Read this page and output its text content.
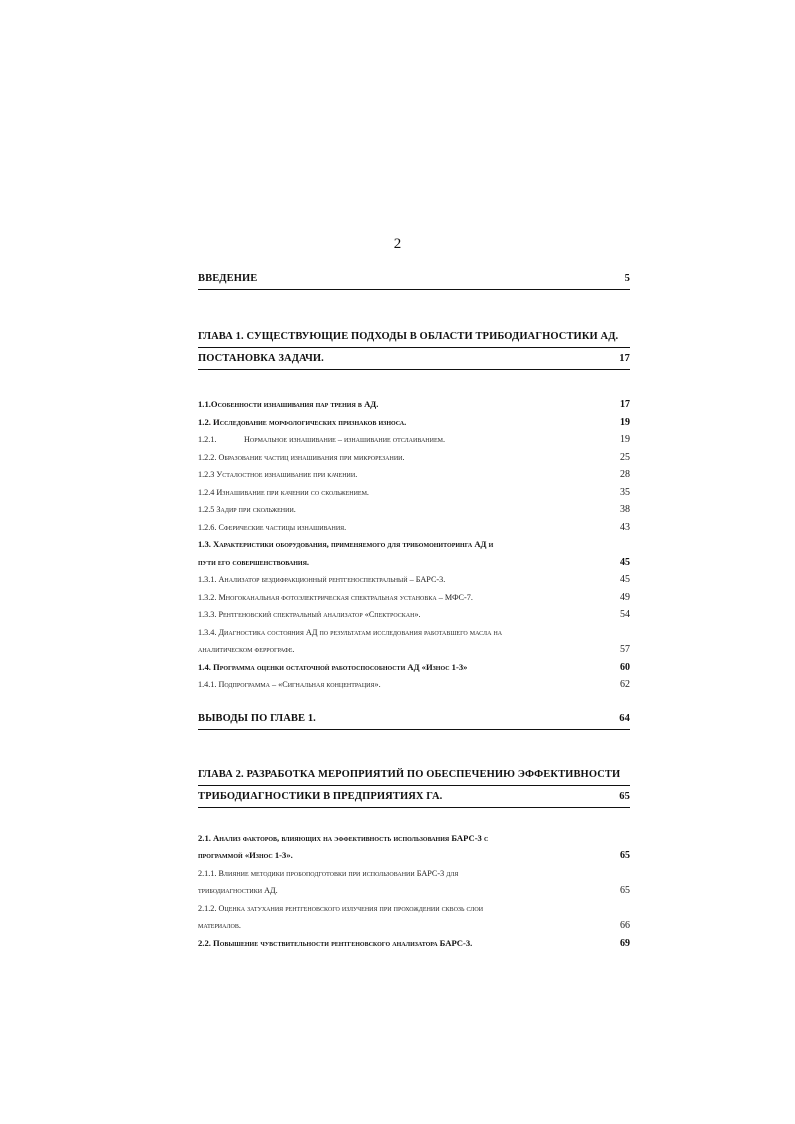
2
ВВЕДЕНИЕ	5
ГЛАВА 1. СУЩЕСТВУЮЩИЕ ПОДХОДЫ В ОБЛАСТИ ТРИБОДИАГНОСТИКИ АД.
ПОСТАНОВКА ЗАДАЧИ.	17
1.1.Особенности изнашивания пар трения в АД.	17
1.2. Исследование морфологических признаков износа.	19
1.2.1.	Нормальное изнашивание – изнашивание отслаиванием.	19
1.2.2. Образование частиц изнашивания при микрорезании.	25
1.2.3 Усталостное изнашивание при качении.	28
1.2.4 Изнашивание при качении со скольжением.	35
1.2.5 Задир при скольжении.	38
1.2.6. Сферические частицы изнашивания.	43
1.3. Характеристики оборудования, применяемого для трибомониторинга АД и
пути его совершенствования.	45
1.3.1. Анализатор бездифракционный рентгеноспектральный – БАРС-3.	45
1.3.2. Многоканальная фотоэлектрическая спектральная установка – МФС-7.	49
1.3.3. Рентгеновский спектральный анализатор «Спектроскан».	54
1.3.4. Диагностика состояния АД по результатам исследования работавшего масла на
аналитическом феррографе.	57
1.4. Программа оценки остаточной работоспособности АД «Износ 1-3»	60
1.4.1. Подпрограмма – «Сигнальная концентрация».	62
ВЫВОДЫ ПО ГЛАВЕ 1.	64
ГЛАВА 2. РАЗРАБОТКА МЕРОПРИЯТИЙ ПО ОБЕСПЕЧЕНИЮ ЭФФЕКТИВНОСТИ
ТРИБОДИАГНОСТИКИ В ПРЕДПРИЯТИЯХ ГА.	65
2.1. Анализ факторов, влияющих на эффективность использования БАРС-3 с
программой «Износ 1-3».	65
2.1.1. Влияние методики пробоподготовки при использовании БАРС-3 для
трибодиагностики АД.	65
2.1.2. Оценка затухания рентгеновского излучения при прохождении сквозь слои
материалов.	66
2.2. Повышение чувствительности рентгеновского анализатора БАРС-3.	69
